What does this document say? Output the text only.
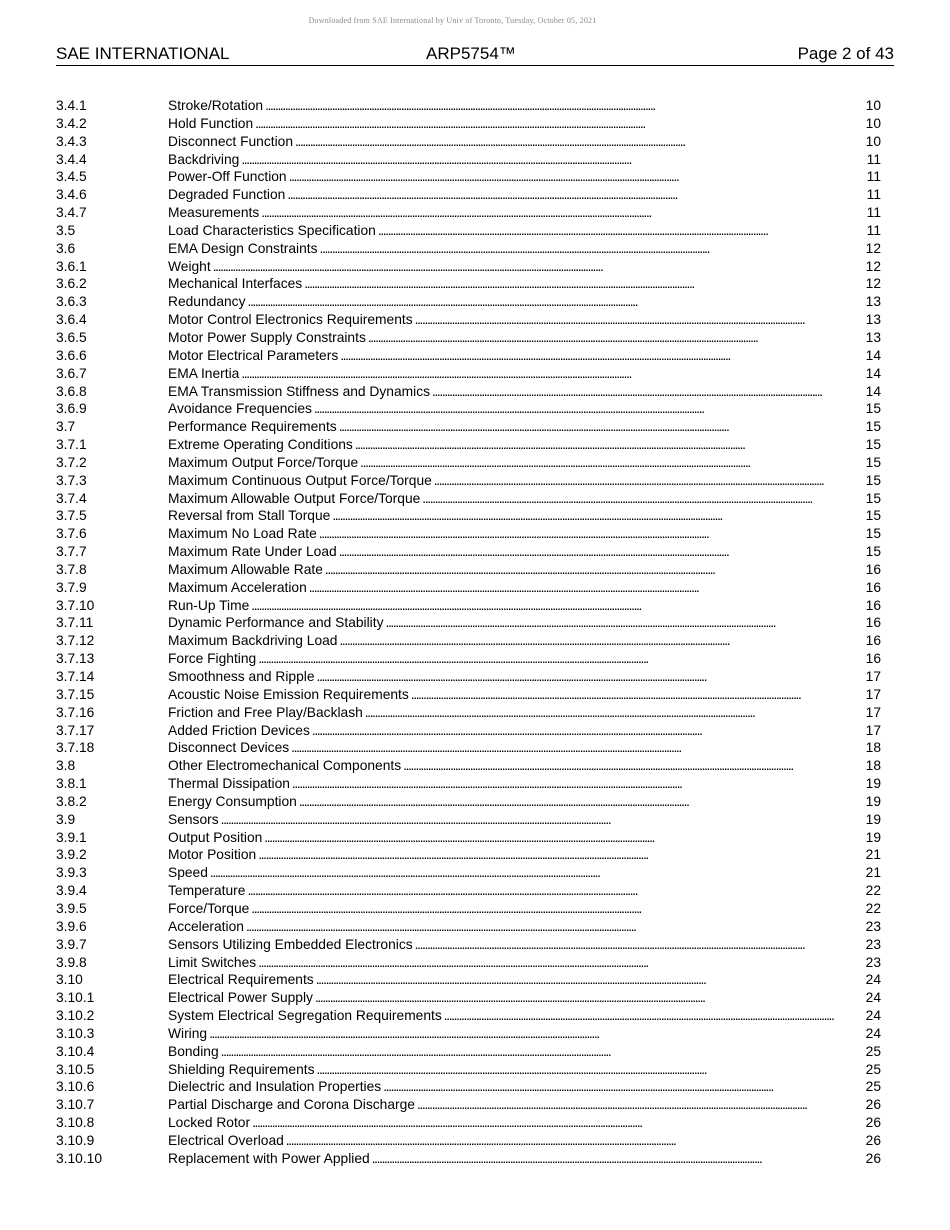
Downloaded from SAE International by Univ of Toronto, Tuesday, October 05, 2021
SAE INTERNATIONAL	ARP5754™	Page 2 of 43
3.4.1	Stroke/Rotation . . .	10
3.4.2	Hold Function . . .	10
3.4.3	Disconnect Function . . .	10
3.4.4	Backdriving . . .	11
3.4.5	Power-Off Function . . .	11
3.4.6	Degraded Function . . .	11
3.4.7	Measurements . . .	11
3.5	Load Characteristics Specification . . .	11
3.6	EMA Design Constraints . . .	12
3.6.1	Weight . . .	12
3.6.2	Mechanical Interfaces . . .	12
3.6.3	Redundancy . . .	13
3.6.4	Motor Control Electronics Requirements . . .	13
3.6.5	Motor Power Supply Constraints . . .	13
3.6.6	Motor Electrical Parameters . . .	14
3.6.7	EMA Inertia . . .	14
3.6.8	EMA Transmission Stiffness and Dynamics . . .	14
3.6.9	Avoidance Frequencies . . .	15
3.7	Performance Requirements . . .	15
3.7.1	Extreme Operating Conditions . . .	15
3.7.2	Maximum Output Force/Torque . . .	15
3.7.3	Maximum Continuous Output Force/Torque . . .	15
3.7.4	Maximum Allowable Output Force/Torque . . .	15
3.7.5	Reversal from Stall Torque . . .	15
3.7.6	Maximum No Load Rate . . .	15
3.7.7	Maximum Rate Under Load . . .	15
3.7.8	Maximum Allowable Rate . . .	16
3.7.9	Maximum Acceleration . . .	16
3.7.10	Run-Up Time . . .	16
3.7.11	Dynamic Performance and Stability . . .	16
3.7.12	Maximum Backdriving Load . . .	16
3.7.13	Force Fighting . . .	16
3.7.14	Smoothness and Ripple . . .	17
3.7.15	Acoustic Noise Emission Requirements . . .	17
3.7.16	Friction and Free Play/Backlash . . .	17
3.7.17	Added Friction Devices . . .	17
3.7.18	Disconnect Devices . . .	18
3.8	Other Electromechanical Components . . .	18
3.8.1	Thermal Dissipation . . .	19
3.8.2	Energy Consumption . . .	19
3.9	Sensors . . .	19
3.9.1	Output Position . . .	19
3.9.2	Motor Position . . .	21
3.9.3	Speed . . .	21
3.9.4	Temperature . . .	22
3.9.5	Force/Torque . . .	22
3.9.6	Acceleration . . .	23
3.9.7	Sensors Utilizing Embedded Electronics . . .	23
3.9.8	Limit Switches . . .	23
3.10	Electrical Requirements . . .	24
3.10.1	Electrical Power Supply . . .	24
3.10.2	System Electrical Segregation Requirements . . .	24
3.10.3	Wiring . . .	24
3.10.4	Bonding . . .	25
3.10.5	Shielding Requirements . . .	25
3.10.6	Dielectric and Insulation Properties . . .	25
3.10.7	Partial Discharge and Corona Discharge . . .	26
3.10.8	Locked Rotor . . .	26
3.10.9	Electrical Overload . . .	26
3.10.10	Replacement with Power Applied . . .	26
